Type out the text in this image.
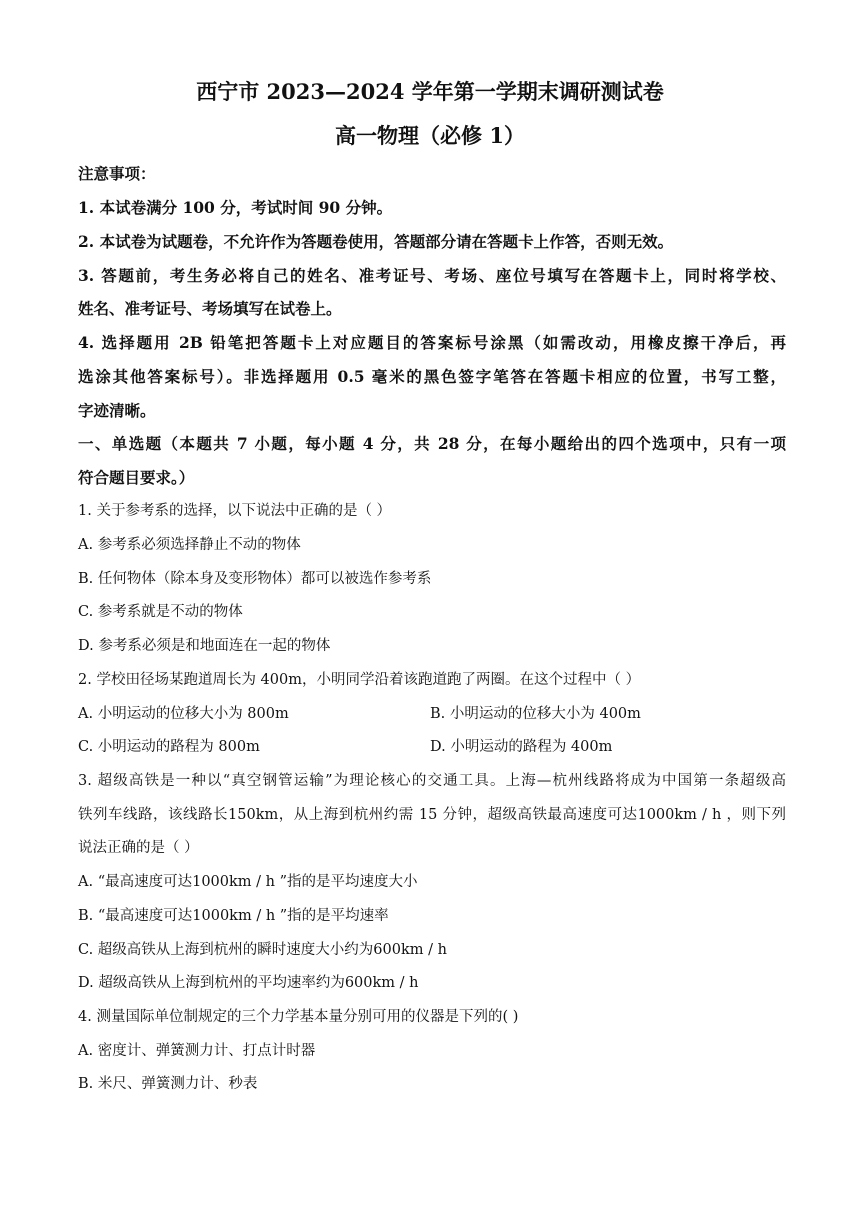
西宁市 2023—2024 学年第一学期末调研测试卷
高一物理（必修 1）
注意事项：
1. 本试卷满分 100 分，考试时间 90 分钟。
2. 本试卷为试题卷，不允许作为答题卷使用，答题部分请在答题卡上作答，否则无效。
3. 答题前，考生务必将自己的姓名、准考证号、考场、座位号填写在答题卡上，同时将学校、
姓名、准考证号、考场填写在试卷上。
4. 选择题用 2B 铅笔把答题卡上对应题目的答案标号涂黑（如需改动，用橡皮擦干净后，再
选涂其他答案标号）。非选择题用 0.5 毫米的黑色签字笔答在答题卡相应的位置，书写工整，
字迹清晰。
一、单选题（本题共 7 小题，每小题 4 分，共 28 分，在每小题给出的四个选项中，只有一项
符合题目要求。）
1. 关于参考系的选择，以下说法中正确的是（ ）
A. 参考系必须选择静止不动的物体
B. 任何物体（除本身及变形物体）都可以被选作参考系
C. 参考系就是不动的物体
D. 参考系必须是和地面连在一起的物体
2. 学校田径场某跑道周长为 400m，小明同学沿着该跑道跑了两圈。在这个过程中（ ）
A. 小明运动的位移大小为 800m	B. 小明运动的位移大小为 400m
C. 小明运动的路程为 800m	D. 小明运动的路程为 400m
3. 超级高铁是一种以“真空钢管运输”为理论核心的交通工具。上海—杭州线路将成为中国第一条超级高
铁列车线路，该线路长150km，从上海到杭州约需 15 分钟，超级高铁最高速度可达1000km / h ，则下列
说法正确的是（ ）
A. “最高速度可达1000km / h ”指的是平均速度大小
B. “最高速度可达1000km / h ”指的是平均速率
C. 超级高铁从上海到杭州的瞬时速度大小约为600km / h
D. 超级高铁从上海到杭州的平均速率约为600km / h
4. 测量国际单位制规定的三个力学基本量分别可用的仪器是下列的( )
A. 密度计、弹簧测力计、打点计时器
B. 米尺、弹簧测力计、秒表
